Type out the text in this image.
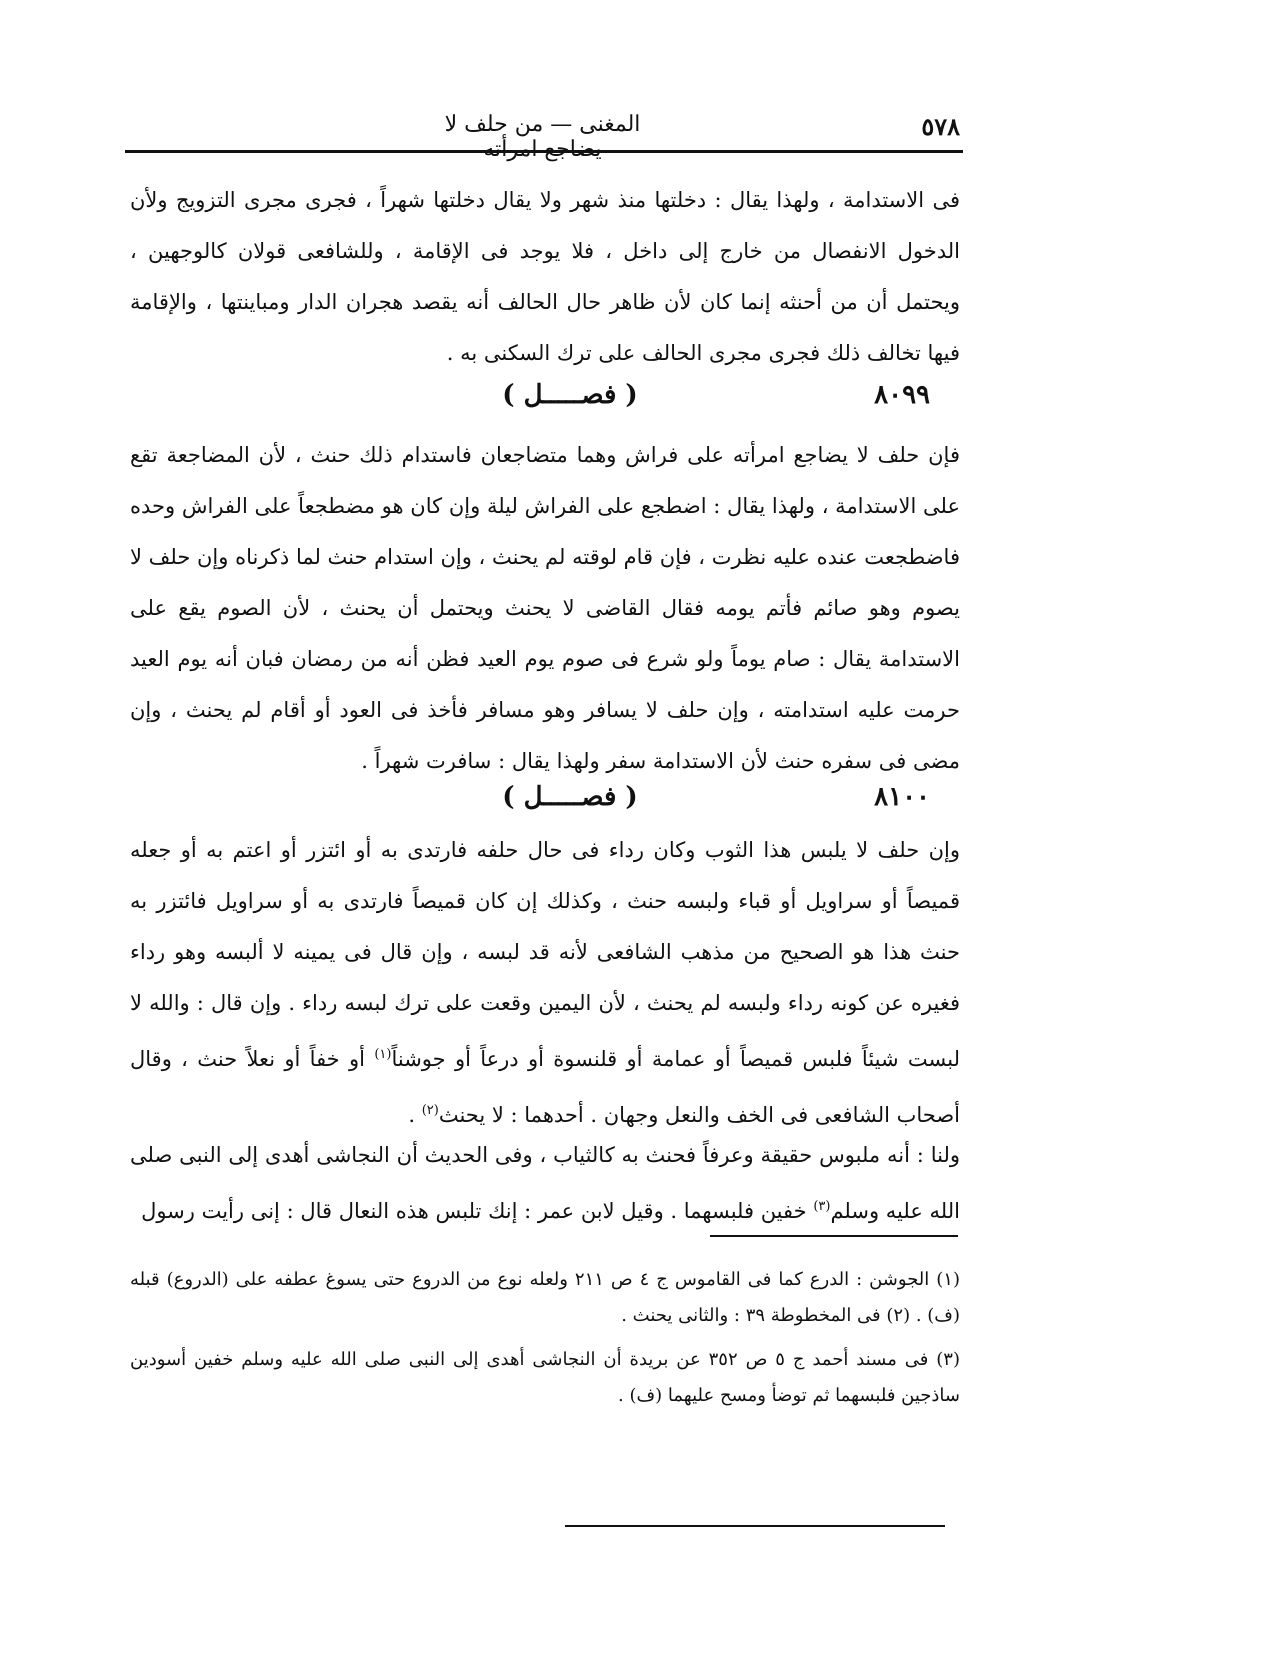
٥٧٨
المغنى — من حلف لا يضاجع امرأته
فى الاستدامة ، ولهذا يقال : دخلتها منذ شهر ولا يقال دخلتها شهراً ، فجرى مجرى التزويج ولأن الدخول الانفصال من خارج إلى داخل ، فلا يوجد فى الإقامة ، وللشافعى قولان كالوجهين ، ويحتمل أن من أحنثه إنما كان لأن ظاهر حال الحالف أنه يقصد هجران الدار ومباينتها ، والإقامة فيها تخالف ذلك فجرى مجرى الحالف على ترك السكنى به .
٨٠٩٩
( فصـــــل )
فإن حلف لا يضاجع امرأته على فراش وهما متضاجعان فاستدام ذلك حنث ، لأن المضاجعة تقع على الاستدامة ، ولهذا يقال : اضطجع على الفراش ليلة وإن كان هو مضطجعاً على الفراش وحده فاضطجعت عنده عليه نظرت ، فإن قام لوقته لم يحنث ، وإن استدام حنث لما ذكرناه وإن حلف لا يصوم وهو صائم فأتم يومه فقال القاضى لا يحنث ويحتمل أن يحنث ، لأن الصوم يقع على الاستدامة يقال : صام يوماً ولو شرع فى صوم يوم العيد فظن أنه من رمضان فبان أنه يوم العيد حرمت عليه استدامته ، وإن حلف لا يسافر وهو مسافر فأخذ فى العود أو أقام لم يحنث ، وإن مضى فى سفره حنث لأن الاستدامة سفر ولهذا يقال : سافرت شهراً .
٨١٠٠
( فصـــــل )
وإن حلف لا يلبس هذا الثوب وكان رداء فى حال حلفه فارتدى به أو ائتزر أو اعتم به أو جعله قميصاً أو سراويل أو قباء ولبسه حنث ، وكذلك إن كان قميصاً فارتدى به أو سراويل فائتزر به حنث هذا هو الصحيح من مذهب الشافعى لأنه قد لبسه ، وإن قال فى يمينه لا ألبسه وهو رداء فغيره عن كونه رداء ولبسه لم يحنث ، لأن اليمين وقعت على ترك لبسه رداء . وإن قال : والله لا لبست شيئاً فلبس قميصاً أو عمامة أو قلنسوة أو درعاً أو جوشناً$^{(١)}$ أو خفاً أو نعلاً حنث ، وقال أصحاب الشافعى فى الخف والنعل وجهان . أحدهما : لا يحنث$^{(٢)}$ .
ولنا : أنه ملبوس حقيقة وعرفاً فحنث به كالثياب ، وفى الحديث أن النجاشى أهدى إلى النبى صلى الله عليه وسلم$^{(٣)}$ خفين فلبسهما . وقيل لابن عمر : إنك تلبس هذه النعال قال : إنى رأيت رسول

(١) الجوشن : الدرع كما فى القاموس ج ٤ ص ٢١١ ولعله نوع من الدروع حتى يسوغ عطفه على (الدروع) قبله (ف) . (٢) فى المخطوطة ٣٩ : والثانى يحنث .

(٣) فى مسند أحمد ج ٥ ص ٣٥٢ عن بريدة أن النجاشى أهدى إلى النبى صلى الله عليه وسلم خفين أسودين ساذجين فلبسهما ثم توضأ ومسح عليهما (ف) .
